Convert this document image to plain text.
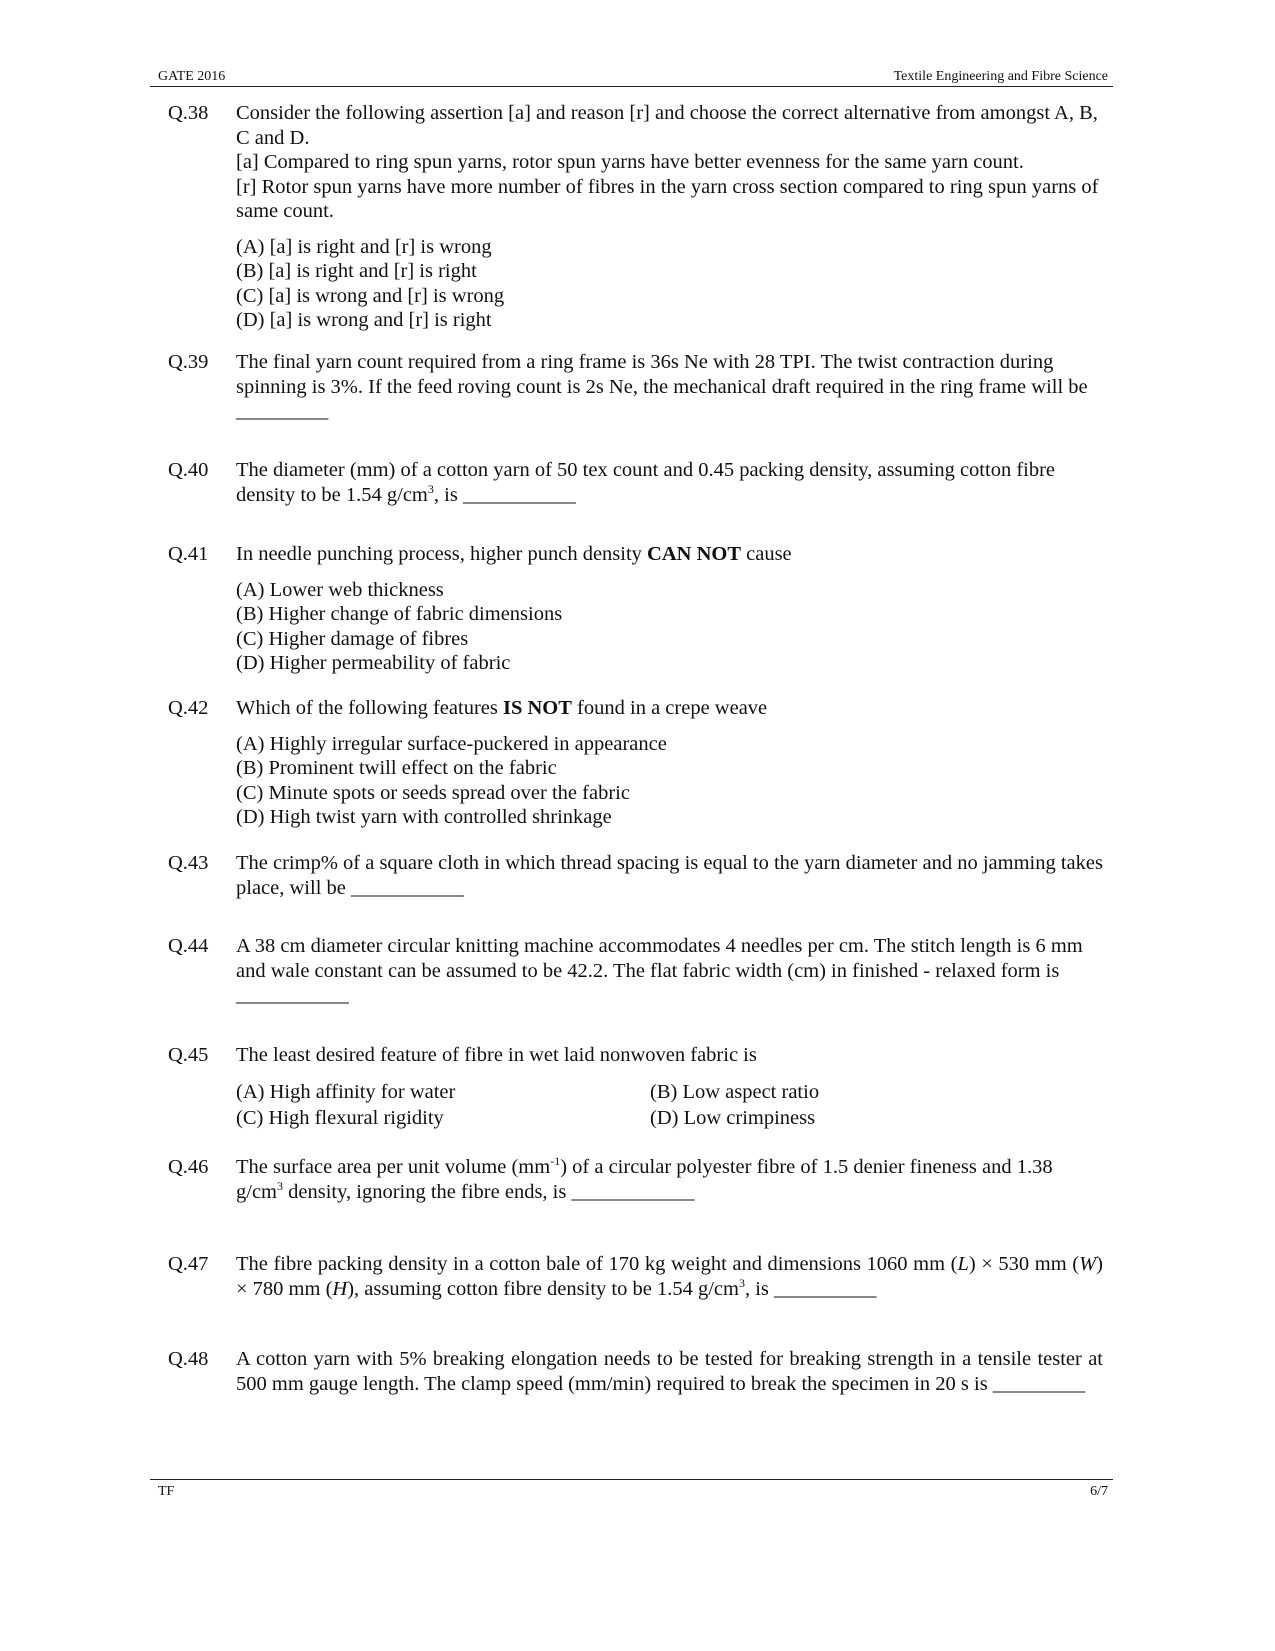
GATE 2016	Textile Engineering and Fibre Science
Q.38	Consider the following assertion [a] and reason [r] and choose the correct alternative from amongst A, B, C and D.
[a] Compared to ring spun yarns, rotor spun yarns have better evenness for the same yarn count.
[r] Rotor spun yarns have more number of fibres in the yarn cross section compared to ring spun yarns of same count.
(A) [a] is right and [r] is wrong
(B) [a] is right and [r] is right
(C) [a] is wrong and [r] is wrong
(D) [a] is wrong and [r] is right
Q.39	The final yarn count required from a ring frame is 36s Ne with 28 TPI. The twist contraction during spinning is 3%. If the feed roving count is 2s Ne, the mechanical draft required in the ring frame will be _________
Q.40	The diameter (mm) of a cotton yarn of 50 tex count and 0.45 packing density, assuming cotton fibre density to be 1.54 $g/cm^3$, is ___________
Q.41	In needle punching process, higher punch density CAN NOT cause
(A) Lower web thickness
(B) Higher change of fabric dimensions
(C) Higher damage of fibres
(D) Higher permeability of fabric
Q.42	Which of the following features IS NOT found in a crepe weave
(A) Highly irregular surface-puckered in appearance
(B) Prominent twill effect on the fabric
(C) Minute spots or seeds spread over the fabric
(D) High twist yarn with controlled shrinkage
Q.43	The crimp% of a square cloth in which thread spacing is equal to the yarn diameter and no jamming takes place, will be ___________
Q.44	A 38 cm diameter circular knitting machine accommodates 4 needles per cm. The stitch length is 6 mm and wale constant can be assumed to be 42.2. The flat fabric width (cm) in finished - relaxed form is ___________
Q.45	The least desired feature of fibre in wet laid nonwoven fabric is
(A) High affinity for water	(B) Low aspect ratio
(C) High flexural rigidity	(D) Low crimpiness
Q.46	The surface area per unit volume $(mm^{-1})$ of a circular polyester fibre of 1.5 denier fineness and 1.38 $g/cm^3$ density, ignoring the fibre ends, is ____________
Q.47	The fibre packing density in a cotton bale of 170 kg weight and dimensions 1060 mm (L) × 530 mm (W) × 780 mm (H), assuming cotton fibre density to be 1.54 $g/cm^3$, is __________
Q.48	A cotton yarn with 5% breaking elongation needs to be tested for breaking strength in a tensile tester at 500 mm gauge length. The clamp speed (mm/min) required to break the specimen in 20 s is _________
TF	6/7
